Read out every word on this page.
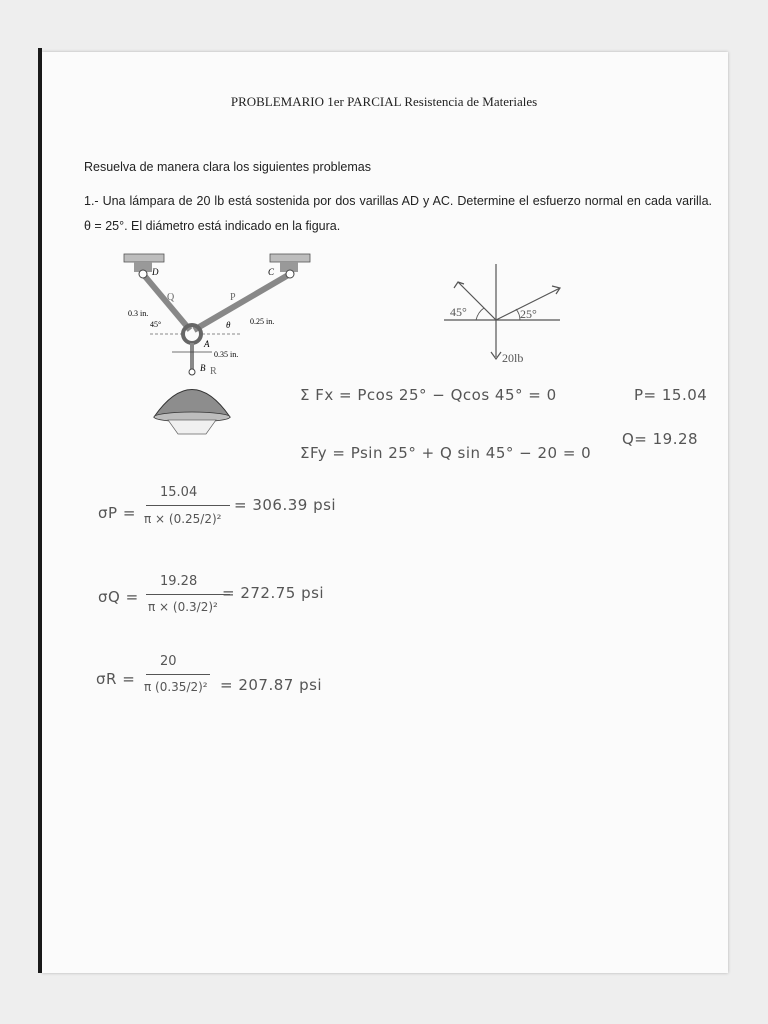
PROBLEMARIO 1er PARCIAL Resistencia de Materiales
Resuelva de manera clara los siguientes problemas
1.- Una lámpara de 20 lb está sostenida por dos varillas AD y AC. Determine el esfuerzo normal en cada varilla. θ = 25°. El diámetro está indicado en la figura.
D	C
0.3 in.
45°	θ 0.25 in.
A
0.35 in.
B
Q	P
R
45°	25°
20lb
Σ Fx = Pcos 25° − Qcos 45° = 0	P= 15.04
ΣFy = Psin 25° + Q sin 45° − 20 = 0
Q= 19.28
σP =
15.04
π × (0.25/2)²
= 306.39 psi
σQ =
19.28
π × (0.3/2)²
= 272.75 psi
σR =
20
π (0.35/2)² = 207.87 psi
